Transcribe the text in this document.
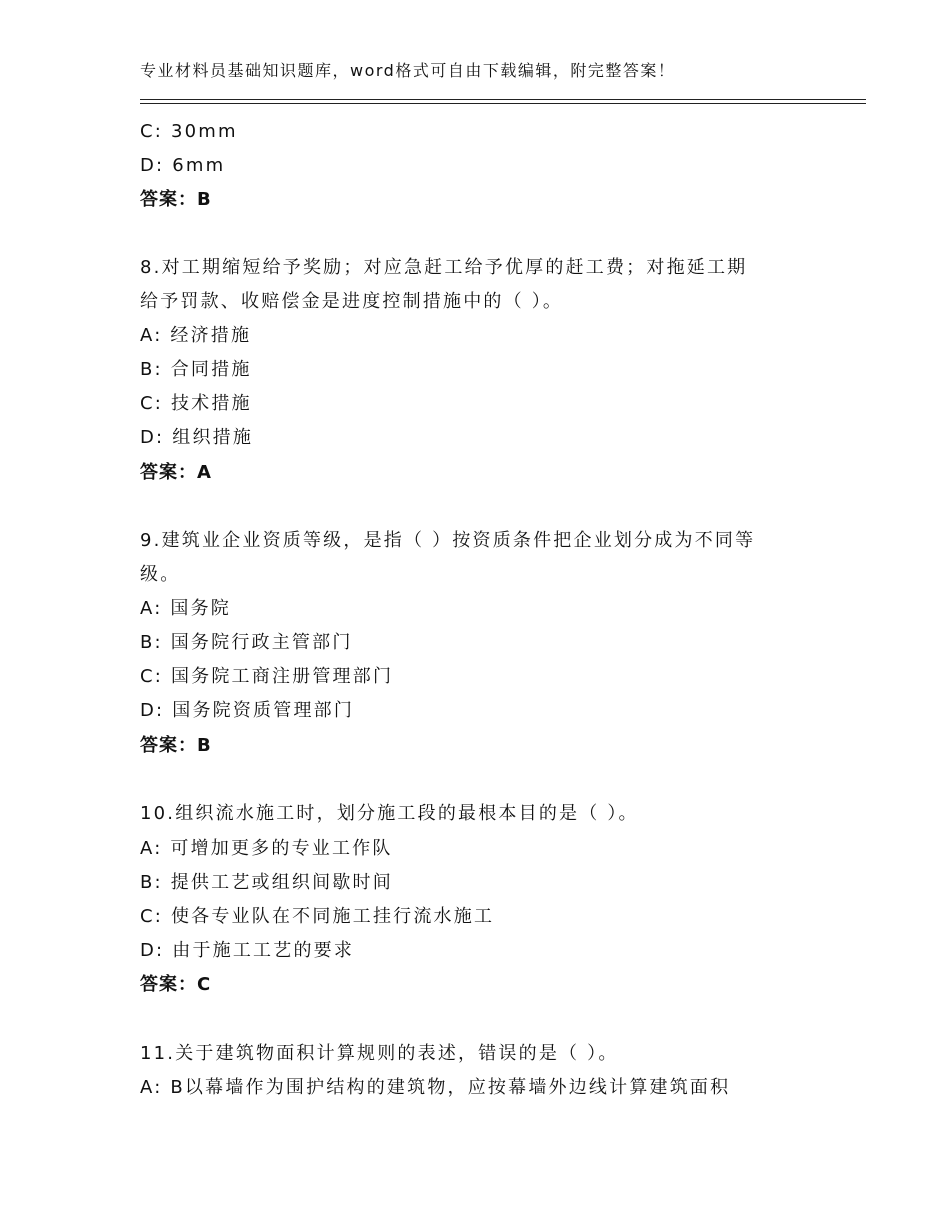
专业材料员基础知识题库，word格式可自由下载编辑，附完整答案！
C: 30mm
D: 6mm
答案：B
8.对工期缩短给予奖励；对应急赶工给予优厚的赶工费；对拖延工期
给予罚款、收赔偿金是进度控制措施中的（ ）。
A: 经济措施
B: 合同措施
C: 技术措施
D: 组织措施
答案：A
9.建筑业企业资质等级，是指（ ）按资质条件把企业划分成为不同等
级。
A: 国务院
B: 国务院行政主管部门
C: 国务院工商注册管理部门
D: 国务院资质管理部门
答案：B
10.组织流水施工时，划分施工段的最根本目的是（ ）。
A: 可增加更多的专业工作队
B: 提供工艺或组织间歇时间
C: 使各专业队在不同施工挂行流水施工
D: 由于施工工艺的要求
答案：C
11.关于建筑物面积计算规则的表述，错误的是（ ）。
A: B以幕墙作为围护结构的建筑物，应按幕墙外边线计算建筑面积
